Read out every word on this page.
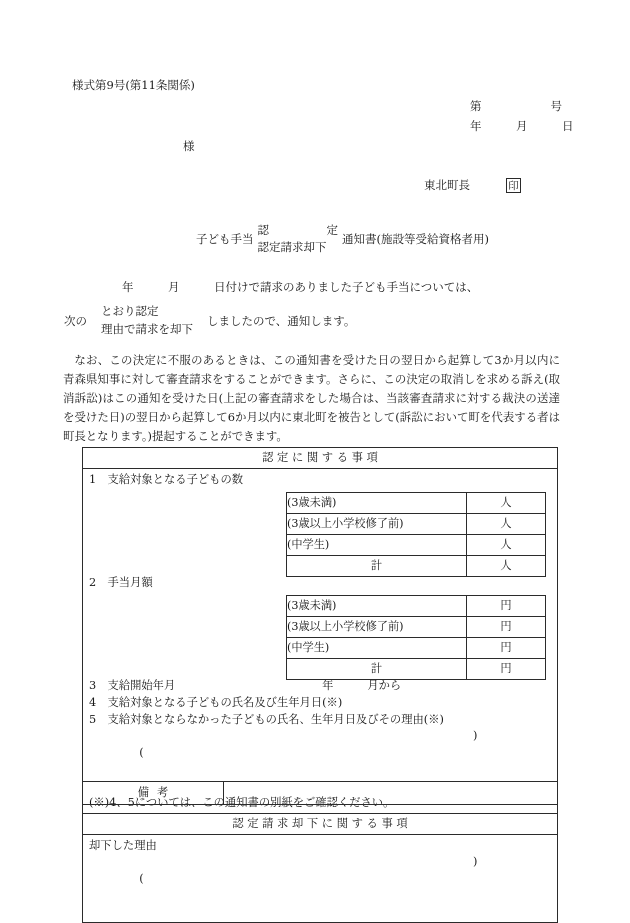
様式第9号(第11条関係)
第　　　　　　号
年　　　月　　　日
様
東北町長	印
子ども手当
認　　　　　定
認定請求却下
通知書(施設等受給資格者用)
年　　　月　　　日付けで請求のありました子ども手当については、
次の
とおり認定
理由で請求を却下
しましたので、通知します。

なお、この決定に不服のあるときは、この通知書を受けた日の翌日から起算して3か月以内に青森県知事に対して審査請求をすることができます。さらに、この決定の取消しを求める訴え(取消訴訟)はこの通知を受けた日(上記の審査請求をした場合は、当該審査請求に対する裁決の送達を受けた日)の翌日から起算して6か月以内に東北町を被告として(訴訟において町を代表する者は町長となります。)提起することができます。

認定に関する事項

1　支給対象となる子どもの数
(3歳未満)	人
(3歳以上小学校修了前)	人
(中学生)	人
計	人
2　手当月額
(3歳未満)	円
(3歳以上小学校修了前)	円
(中学生)	円
計	円
3　支給開始年月　　　　　　　　　　　　　年　　　月から
4　支給対象となる子どもの氏名及び生年月日(※)
5　支給対象とならなかった子どもの氏名、生年月日及びその理由(※)

(

)

(※)4、5については、この通知書の別紙をご確認ください。

認定請求却下に関する事項

却下した理由

(

)

備考	
